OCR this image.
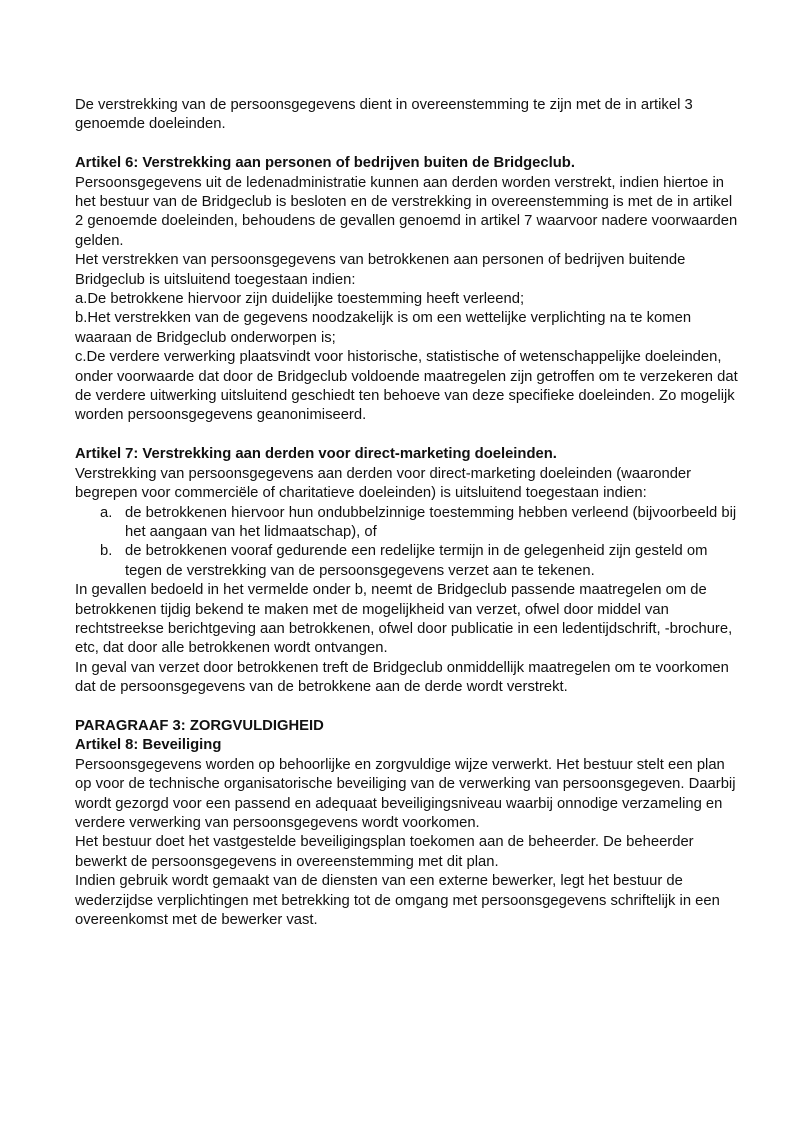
De verstrekking van de persoonsgegevens dient in overeenstemming te zijn met de in artikel 3 genoemde doeleinden.

Artikel 6: Verstrekking aan personen of bedrijven buiten de Bridgeclub.

Persoonsgegevens uit de ledenadministratie kunnen aan derden worden verstrekt, indien hiertoe in het bestuur van de Bridgeclub is besloten en de verstrekking in overeenstemming is met de in artikel 2 genoemde doeleinden, behoudens de gevallen genoemd in artikel 7 waarvoor nadere voorwaarden gelden.

Het verstrekken van persoonsgegevens van betrokkenen aan personen of bedrijven buitende Bridgeclub is uitsluitend toegestaan indien:

a.De betrokkene hiervoor zijn duidelijke toestemming heeft verleend;

b.Het verstrekken van de gegevens noodzakelijk is om een wettelijke verplichting na te komen waaraan de Bridgeclub onderworpen is;

c.De verdere verwerking plaatsvindt voor historische, statistische of wetenschappelijke doeleinden, onder voorwaarde dat door de Bridgeclub voldoende maatregelen zijn getroffen om te verzekeren dat de verdere uitwerking uitsluitend geschiedt ten behoeve van deze specifieke doeleinden. Zo mogelijk worden persoonsgegevens geanonimiseerd.

Artikel 7: Verstrekking aan derden voor direct-marketing doeleinden.

Verstrekking van persoonsgegevens aan derden voor direct-marketing doeleinden (waaronder begrepen voor commerciële of charitatieve doeleinden) is uitsluitend toegestaan indien:

a. de betrokkenen hiervoor hun ondubbelzinnige toestemming hebben verleend (bijvoorbeeld bij het aangaan van het lidmaatschap), of
b. de betrokkenen vooraf gedurende een redelijke termijn in de gelegenheid zijn gesteld om tegen de verstrekking van de persoonsgegevens verzet aan te tekenen.

In gevallen bedoeld in het vermelde onder b, neemt de Bridgeclub passende maatregelen om de betrokkenen tijdig bekend te maken met de mogelijkheid van verzet, ofwel door middel van rechtstreekse berichtgeving aan betrokkenen, ofwel door publicatie in een ledentijdschrift, -brochure, etc, dat door alle betrokkenen wordt ontvangen.

In geval van verzet door betrokkenen treft de Bridgeclub onmiddellijk maatregelen om te voorkomen dat de persoonsgegevens van de betrokkene aan de derde wordt verstrekt.

PARAGRAAF 3: ZORGVULDIGHEID

Artikel 8: Beveiliging

Persoonsgegevens worden op behoorlijke en zorgvuldige wijze verwerkt. Het bestuur stelt een plan op voor de technische organisatorische beveiliging van de verwerking van persoonsgegeven. Daarbij wordt gezorgd voor een passend en adequaat beveiligingsniveau waarbij onnodige verzameling en verdere verwerking van persoonsgegevens wordt voorkomen.

Het bestuur doet het vastgestelde beveiligingsplan toekomen aan de beheerder. De beheerder bewerkt de persoonsgegevens in overeenstemming met dit plan.

Indien gebruik wordt gemaakt van de diensten van een externe bewerker, legt het bestuur de wederzijdse verplichtingen met betrekking tot de omgang met persoonsgegevens schriftelijk in een overeenkomst met de bewerker vast.
